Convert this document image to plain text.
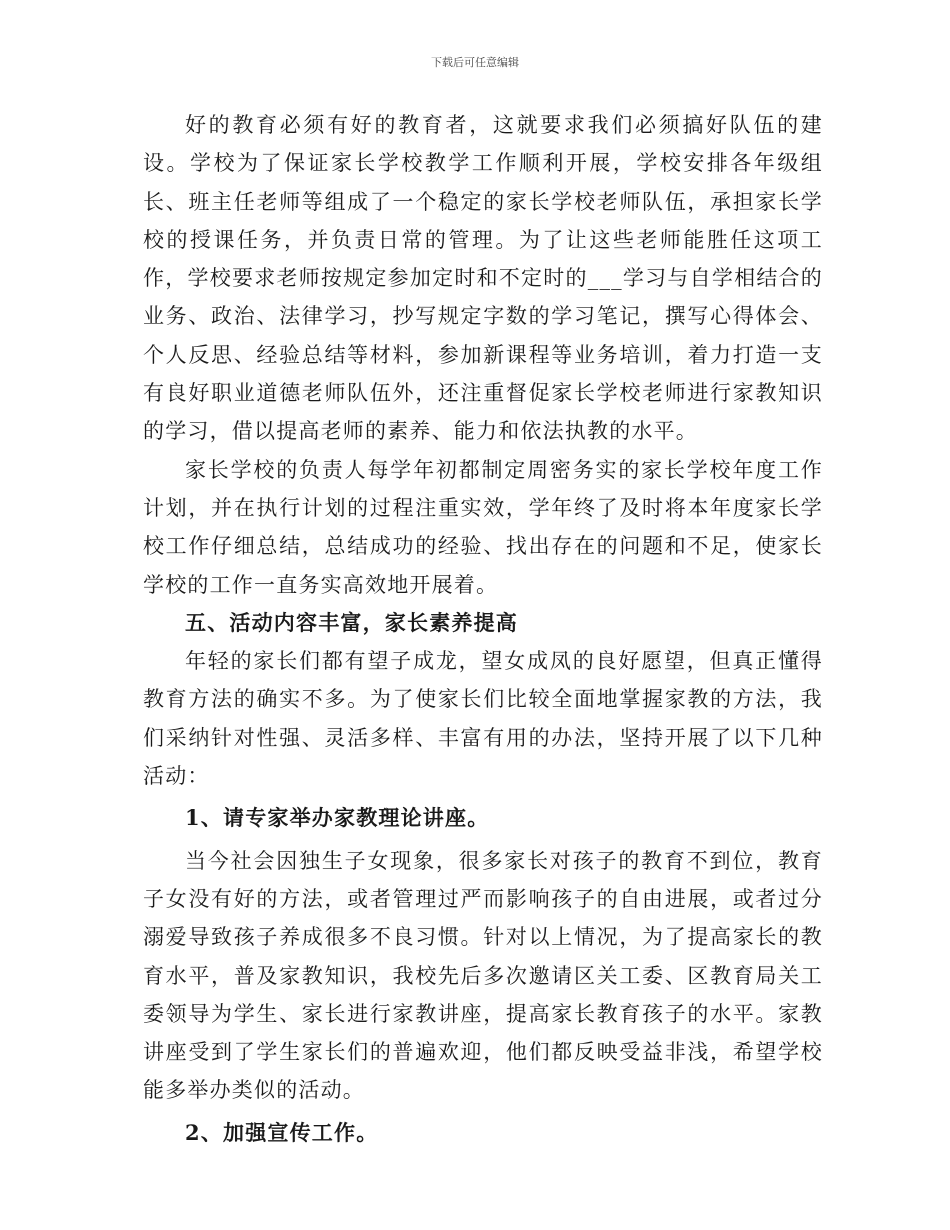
下载后可任意编辑

好的教育必须有好的教育者，这就要求我们必须搞好队伍的建设。学校为了保证家长学校教学工作顺利开展，学校安排各年级组长、班主任老师等组成了一个稳定的家长学校老师队伍，承担家长学校的授课任务，并负责日常的管理。为了让这些老师能胜任这项工作，学校要求老师按规定参加定时和不定时的___学习与自学相结合的业务、政治、法律学习，抄写规定字数的学习笔记，撰写心得体会、个人反思、经验总结等材料，参加新课程等业务培训，着力打造一支有良好职业道德老师队伍外，还注重督促家长学校老师进行家教知识的学习，借以提高老师的素养、能力和依法执教的水平。

家长学校的负责人每学年初都制定周密务实的家长学校年度工作计划，并在执行计划的过程注重实效，学年终了及时将本年度家长学校工作仔细总结，总结成功的经验、找出存在的问题和不足，使家长学校的工作一直务实高效地开展着。

五、活动内容丰富，家长素养提高

年轻的家长们都有望子成龙，望女成凤的良好愿望，但真正懂得教育方法的确实不多。为了使家长们比较全面地掌握家教的方法，我们采纳针对性强、灵活多样、丰富有用的办法，坚持开展了以下几种活动：

1、请专家举办家教理论讲座。

当今社会因独生子女现象，很多家长对孩子的教育不到位，教育子女没有好的方法，或者管理过严而影响孩子的自由进展，或者过分溺爱导致孩子养成很多不良习惯。针对以上情况，为了提高家长的教育水平，普及家教知识，我校先后多次邀请区关工委、区教育局关工委领导为学生、家长进行家教讲座，提高家长教育孩子的水平。家教讲座受到了学生家长们的普遍欢迎，他们都反映受益非浅，希望学校能多举办类似的活动。

2、加强宣传工作。
